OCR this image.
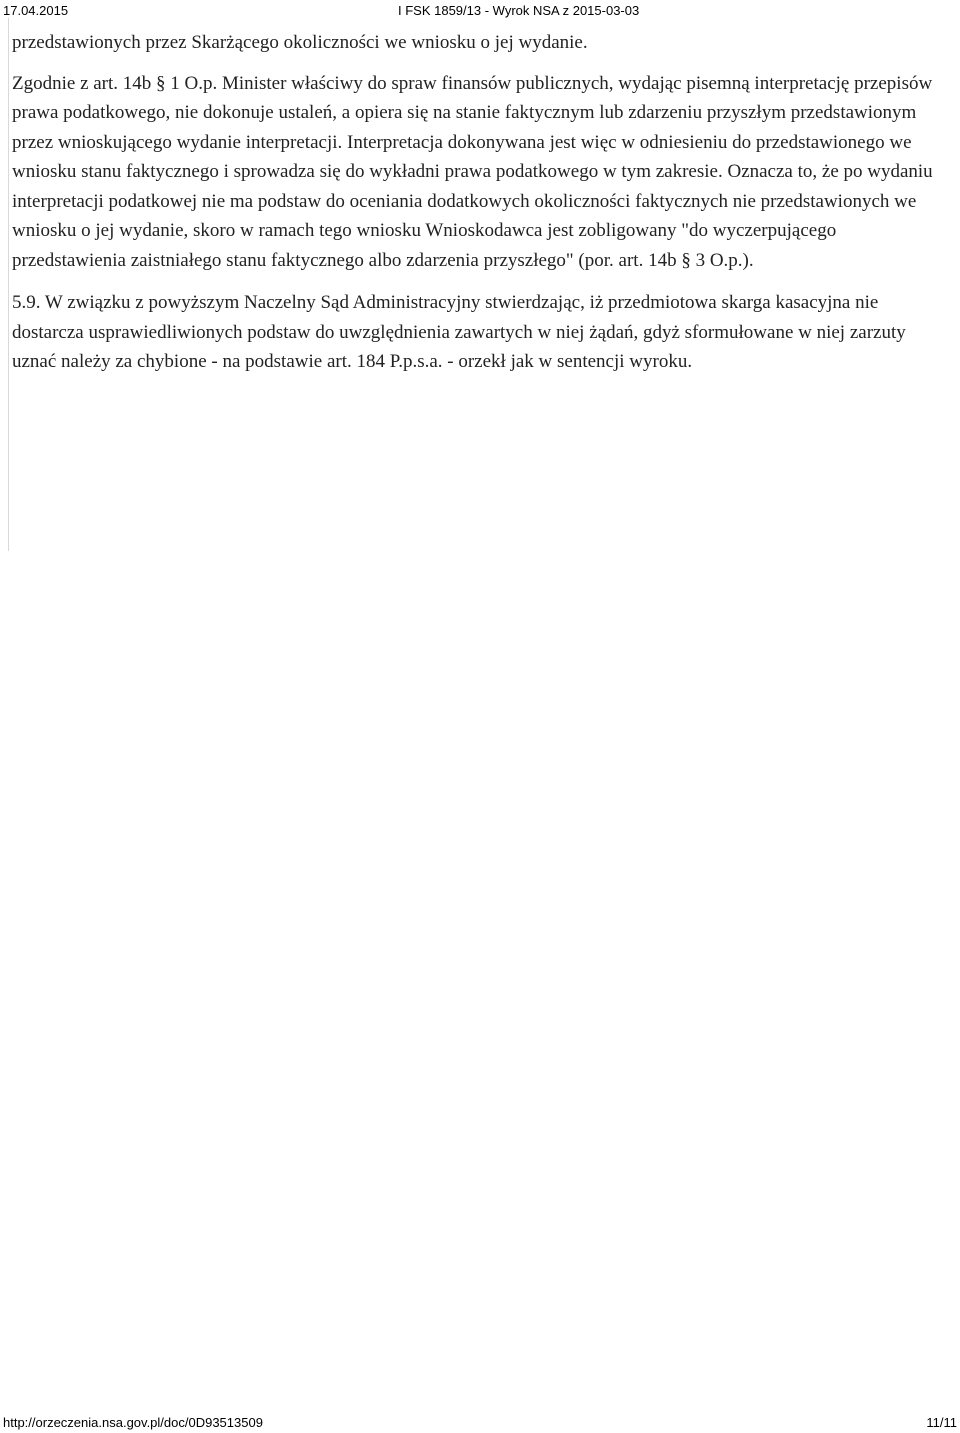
17.04.2015	I FSK 1859/13 - Wyrok NSA z 2015-03-03

przedstawionych przez Skarżącego okoliczności we wniosku o jej wydanie.

Zgodnie z art. 14b § 1 O.p. Minister właściwy do spraw finansów publicznych, wydając pisemną interpretację przepisów prawa podatkowego, nie dokonuje ustaleń, a opiera się na stanie faktycznym lub zdarzeniu przyszłym przedstawionym przez wnioskującego wydanie interpretacji. Interpretacja dokonywana jest więc w odniesieniu do przedstawionego we wniosku stanu faktycznego i sprowadza się do wykładni prawa podatkowego w tym zakresie. Oznacza to, że po wydaniu interpretacji podatkowej nie ma podstaw do oceniania dodatkowych okoliczności faktycznych nie przedstawionych we wniosku o jej wydanie, skoro w ramach tego wniosku Wnioskodawca jest zobligowany "do wyczerpującego przedstawienia zaistniałego stanu faktycznego albo zdarzenia przyszłego" (por. art. 14b § 3 O.p.).

5.9. W związku z powyższym Naczelny Sąd Administracyjny stwierdzając, iż przedmiotowa skarga kasacyjna nie dostarcza usprawiedliwionych podstaw do uwzględnienia zawartych w niej żądań, gdyż sformułowane w niej zarzuty uznać należy za chybione - na podstawie art. 184 P.p.s.a. - orzekł jak w sentencji wyroku.

http://orzeczenia.nsa.gov.pl/doc/0D93513509	11/11
